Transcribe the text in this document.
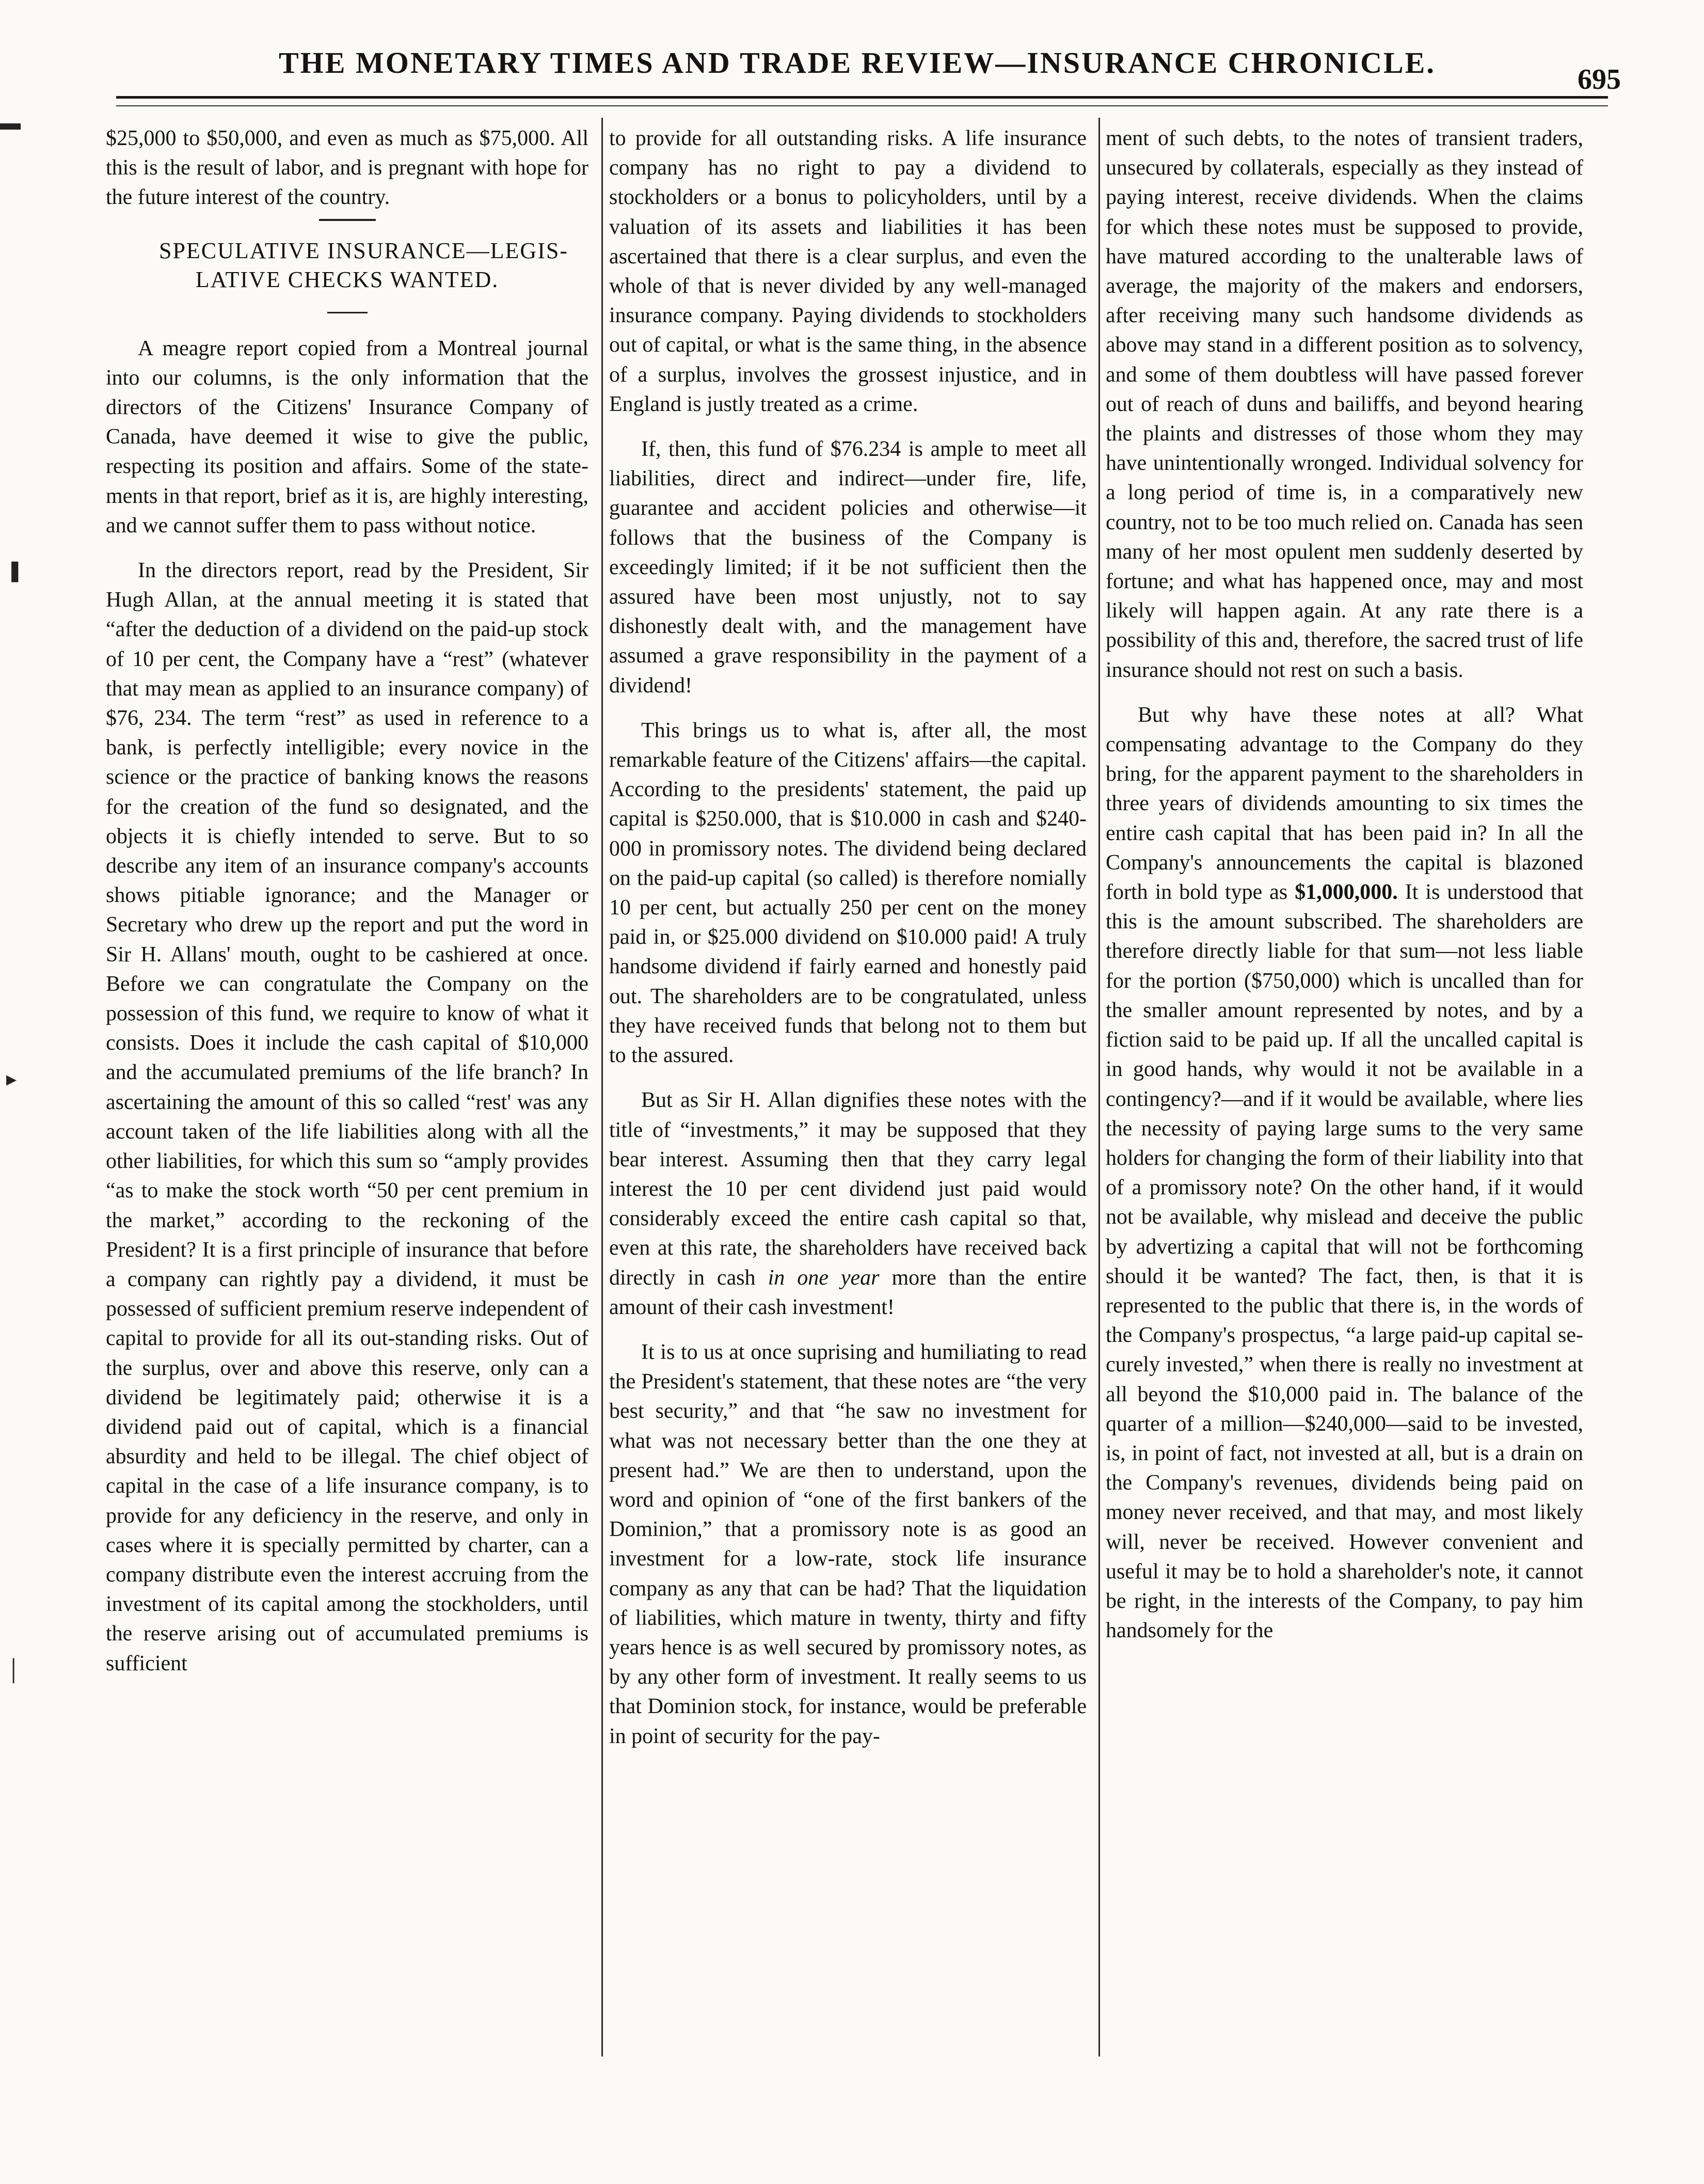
THE MONETARY TIMES AND TRADE REVIEW—INSURANCE CHRONICLE.	695
▬
❚
▸
│

$25,000 to $50,000, and even as much as $75,000. All this is the result of labor, and is pregnant with hope for the future interest of the country.

SPECULATIVE INSURANCE—LEGISLATIVE CHECKS WANTED.

A meagre report copied from a Montreal journal into our columns, is the only information that the directors of the Citizens' Insurance Company of Canada, have deemed it wise to give the public, respecting its position and affairs. Some of the statements in that report, brief as it is, are highly interesting, and we cannot suffer them to pass without notice.

In the directors report, read by the President, Sir Hugh Allan, at the annual meeting it is stated that “after the deduction of a dividend on the paid-up stock of 10 per cent, the Company have a “rest” (whatever that may mean as applied to an insurance company) of $76, 234. The term “rest” as used in reference to a bank, is perfectly intelligible; every novice in the science or the practice of banking knows the reasons for the creation of the fund so designated, and the objects it is chiefly intended to serve. But to so describe any item of an insurance company's accounts shows pitiable ignorance; and the Manager or Secretary who drew up the report and put the word in Sir H. Allans' mouth, ought to be cashiered at once. Before we can congratulate the Company on the possession of this fund, we require to know of what it consists. Does it include the cash capital of $10,000 and the accumulated premiums of the life branch? In ascertaining the amount of this so called “rest' was any account taken of the life liabilities along with all the other liabilities, for which this sum so “amply provides “as to make the stock worth “50 per cent premium in the market,” according to the reckoning of the President? It is a first principle of insurance that before a company can rightly pay a dividend, it must be possessed of sufficient premium reserve independent of capital to provide for all its out-standing risks. Out of the surplus, over and above this reserve, only can a dividend be legitimately paid; otherwise it is a dividend paid out of capital, which is a financial absurdity and held to be illegal. The chief object of capital in the case of a life insurance company, is to provide for any deficiency in the reserve, and only in cases where it is specially permitted by charter, can a company distribute even the interest accruing from the investment of its capital among the stockholders, until the reserve arising out of accumulated premiums is sufficient

to provide for all outstanding risks. A life insurance company has no right to pay a dividend to stockholders or a bonus to policyholders, until by a valuation of its assets and liabilities it has been ascertained that there is a clear surplus, and even the whole of that is never divided by any well-managed insurance company. Paying dividends to stockholders out of capital, or what is the same thing, in the absence of a surplus, involves the grossest injustice, and in England is justly treated as a crime.

If, then, this fund of $76.234 is ample to meet all liabilities, direct and indirect—under fire, life, guarantee and accident policies and otherwise—it follows that the business of the Company is exceedingly limited; if it be not sufficient then the assured have been most unjustly, not to say dishonestly dealt with, and the management have assumed a grave responsibility in the payment of a dividend!

This brings us to what is, after all, the most remarkable feature of the Citizens' affairs—the capital. According to the presidents' statement, the paid up capital is $250.000, that is $10.000 in cash and $240000 in promissory notes. The dividend being declared on the paid-up capital (so called) is therefore nomially 10 per cent, but actually 250 per cent on the money paid in, or $25.000 dividend on $10.000 paid! A truly handsome dividend if fairly earned and honestly paid out. The shareholders are to be congratulated, unless they have received funds that belong not to them but to the assured.

But as Sir H. Allan dignifies these notes with the title of “investments,” it may be supposed that they bear interest. Assuming then that they carry legal interest the 10 per cent dividend just paid would considerably exceed the entire cash capital so that, even at this rate, the shareholders have received back directly in cash in one year more than the entire amount of their cash investment!

It is to us at once suprising and humiliating to read the President's statement, that these notes are “the very best security,” and that “he saw no investment for what was not necessary better than the one they at present had.” We are then to understand, upon the word and opinion of “one of the first bankers of the Dominion,” that a promissory note is as good an investment for a low-rate, stock life insurance company as any that can be had? That the liquidation of liabilities, which mature in twenty, thirty and fifty years hence is as well secured by promissory notes, as by any other form of investment. It really seems to us that Dominion stock, for instance, would be preferable in point of security for the pay-

ment of such debts, to the notes of transient traders, unsecured by collaterals, especially as they instead of paying interest, receive dividends. When the claims for which these notes must be supposed to provide, have matured according to the unalterable laws of average, the majority of the makers and endorsers, after receiving many such handsome dividends as above may stand in a different position as to solvency, and some of them doubtless will have passed forever out of reach of duns and bailiffs, and beyond hearing the plaints and distresses of those whom they may have unintentionally wronged. Individual solvency for a long period of time is, in a comparatively new country, not to be too much relied on. Canada has seen many of her most opulent men suddenly deserted by fortune; and what has happened once, may and most likely will happen again. At any rate there is a possibility of this and, therefore, the sacred trust of life insurance should not rest on such a basis.

But why have these notes at all? What compensating advantage to the Company do they bring, for the apparent payment to the shareholders in three years of dividends amounting to six times the entire cash capital that has been paid in? In all the Company's announcements the capital is blazoned forth in bold type as $1,000,000. It is understood that this is the amount subscribed. The shareholders are therefore directly liable for that sum—not less liable for the portion ($750,000) which is uncalled than for the smaller amount represented by notes, and by a fiction said to be paid up. If all the uncalled capital is in good hands, why would it not be available in a contingency?—and if it would be available, where lies the necessity of paying large sums to the very same holders for changing the form of their liability into that of a promissory note? On the other hand, if it would not be available, why mislead and deceive the public by advertizing a capital that will not be forthcoming should it be wanted? The fact, then, is that it is represented to the public that there is, in the words of the Company's prospectus, “a large paid-up capital securely invested,” when there is really no investment at all beyond the $10,000 paid in. The balance of the quarter of a million—$240,000—said to be invested, is, in point of fact, not invested at all, but is a drain on the Company's revenues, dividends being paid on money never received, and that may, and most likely will, never be received. However convenient and useful it may be to hold a shareholder's note, it cannot be right, in the interests of the Company, to pay him handsomely for the
